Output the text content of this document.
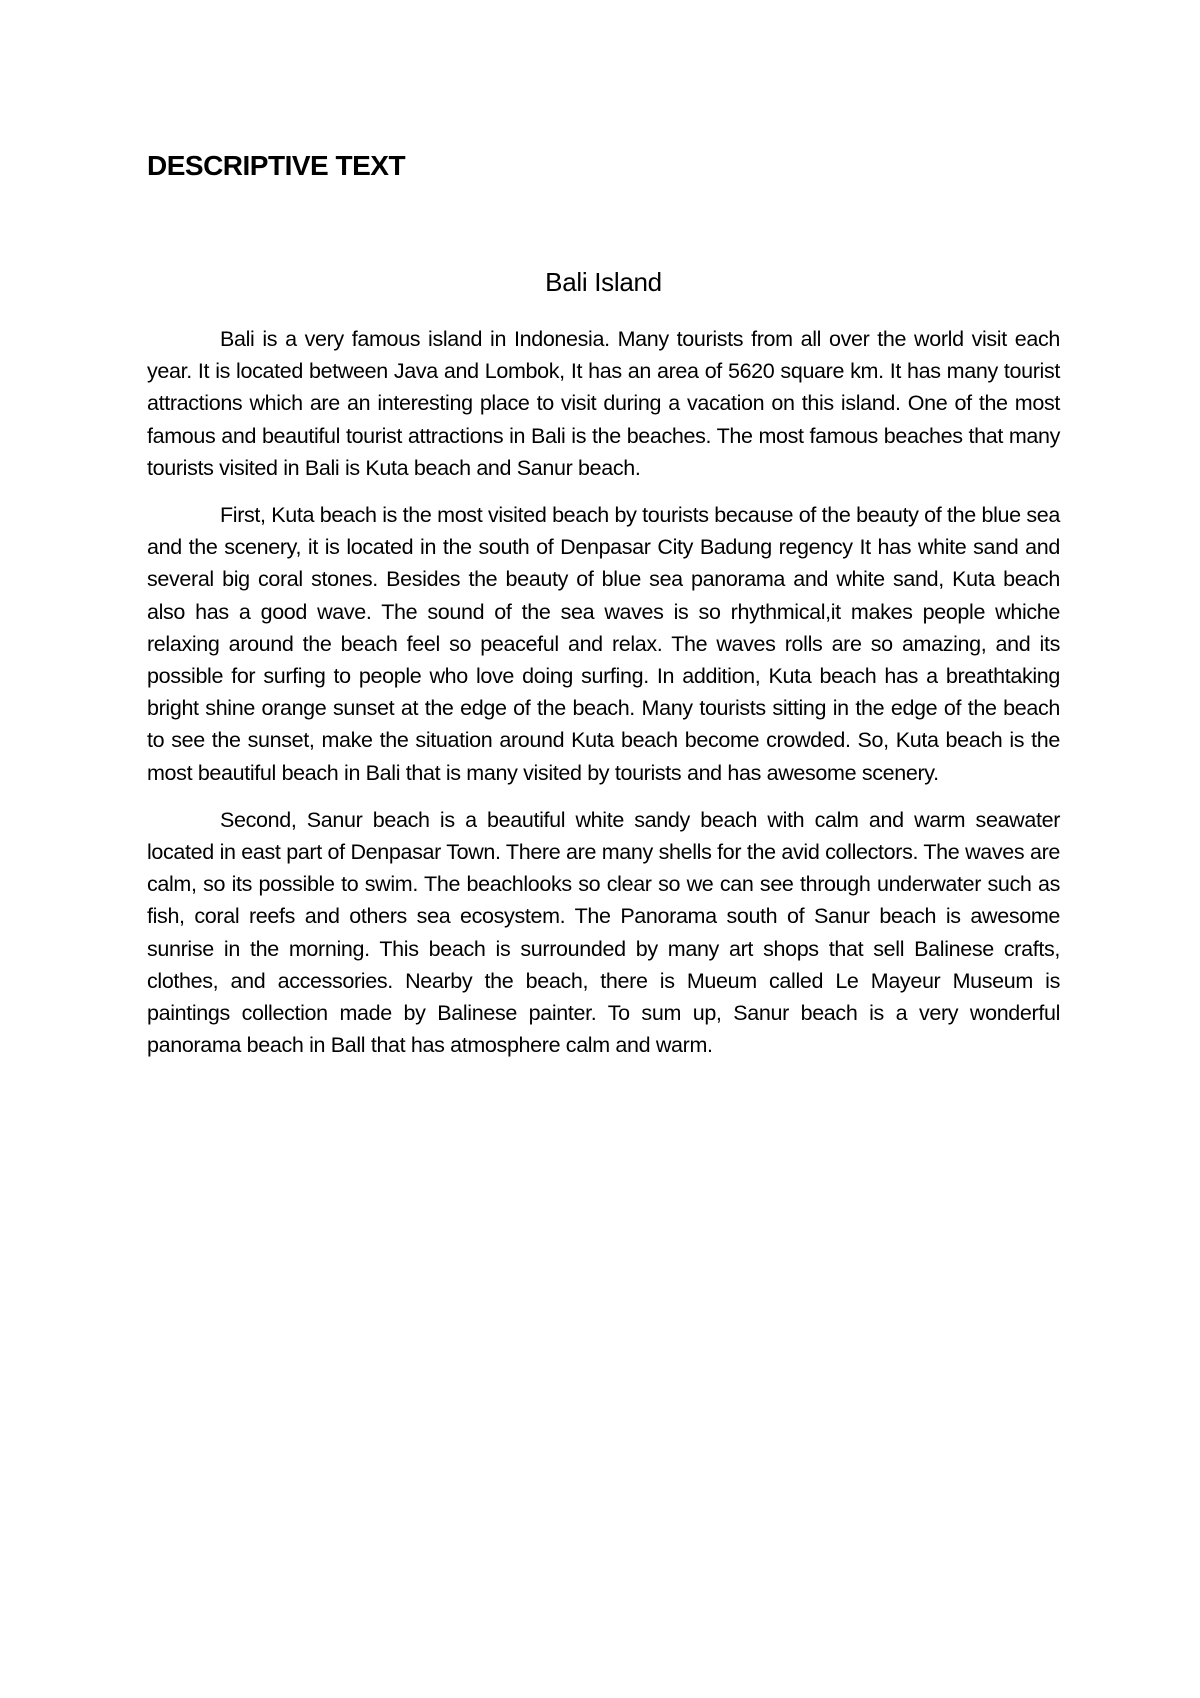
DESCRIPTIVE TEXT
Bali Island

Bali is a very famous island in Indonesia. Many tourists from all over the world visit each year. It is located between Java and Lombok, It has an area of 5620 square km. It has many tourist attractions which are an interesting place to visit during a vacation on this island. One of the most famous and beautiful tourist attractions in Bali is the beaches. The most famous beaches that many tourists visited in Bali is Kuta beach and Sanur beach.

First, Kuta beach is the most visited beach by tourists because of the beauty of the blue sea and the scenery, it is located in the south of Denpasar City Badung regency It has white sand and several big coral stones. Besides the beauty of blue sea panorama and white sand, Kuta beach also has a good wave. The sound of the sea waves is so rhythmical,it makes people whiche relaxing around the beach feel so peaceful and relax. The waves rolls are so amazing, and its possible for surfing to people who love doing surfing. In addition, Kuta beach has a breathtaking bright shine orange sunset at the edge of the beach. Many tourists sitting in the edge of the beach to see the sunset, make the situation around Kuta beach become crowded. So, Kuta beach is the most beautiful beach in Bali that is many visited by tourists and has awesome scenery.

Second, Sanur beach is a beautiful white sandy beach with calm and warm seawater located in east part of Denpasar Town. There are many shells for the avid collectors. The waves are calm, so its possible to swim. The beachlooks so clear so we can see through underwater such as fish, coral reefs and others sea ecosystem. The Panorama south of Sanur beach is awesome sunrise in the morning. This beach is surrounded by many art shops that sell Balinese crafts, clothes, and accessories. Nearby the beach, there is Mueum called Le Mayeur Museum is paintings collection made by Balinese painter. To sum up, Sanur beach is a very wonderful panorama beach in Ball that has atmosphere calm and warm.
